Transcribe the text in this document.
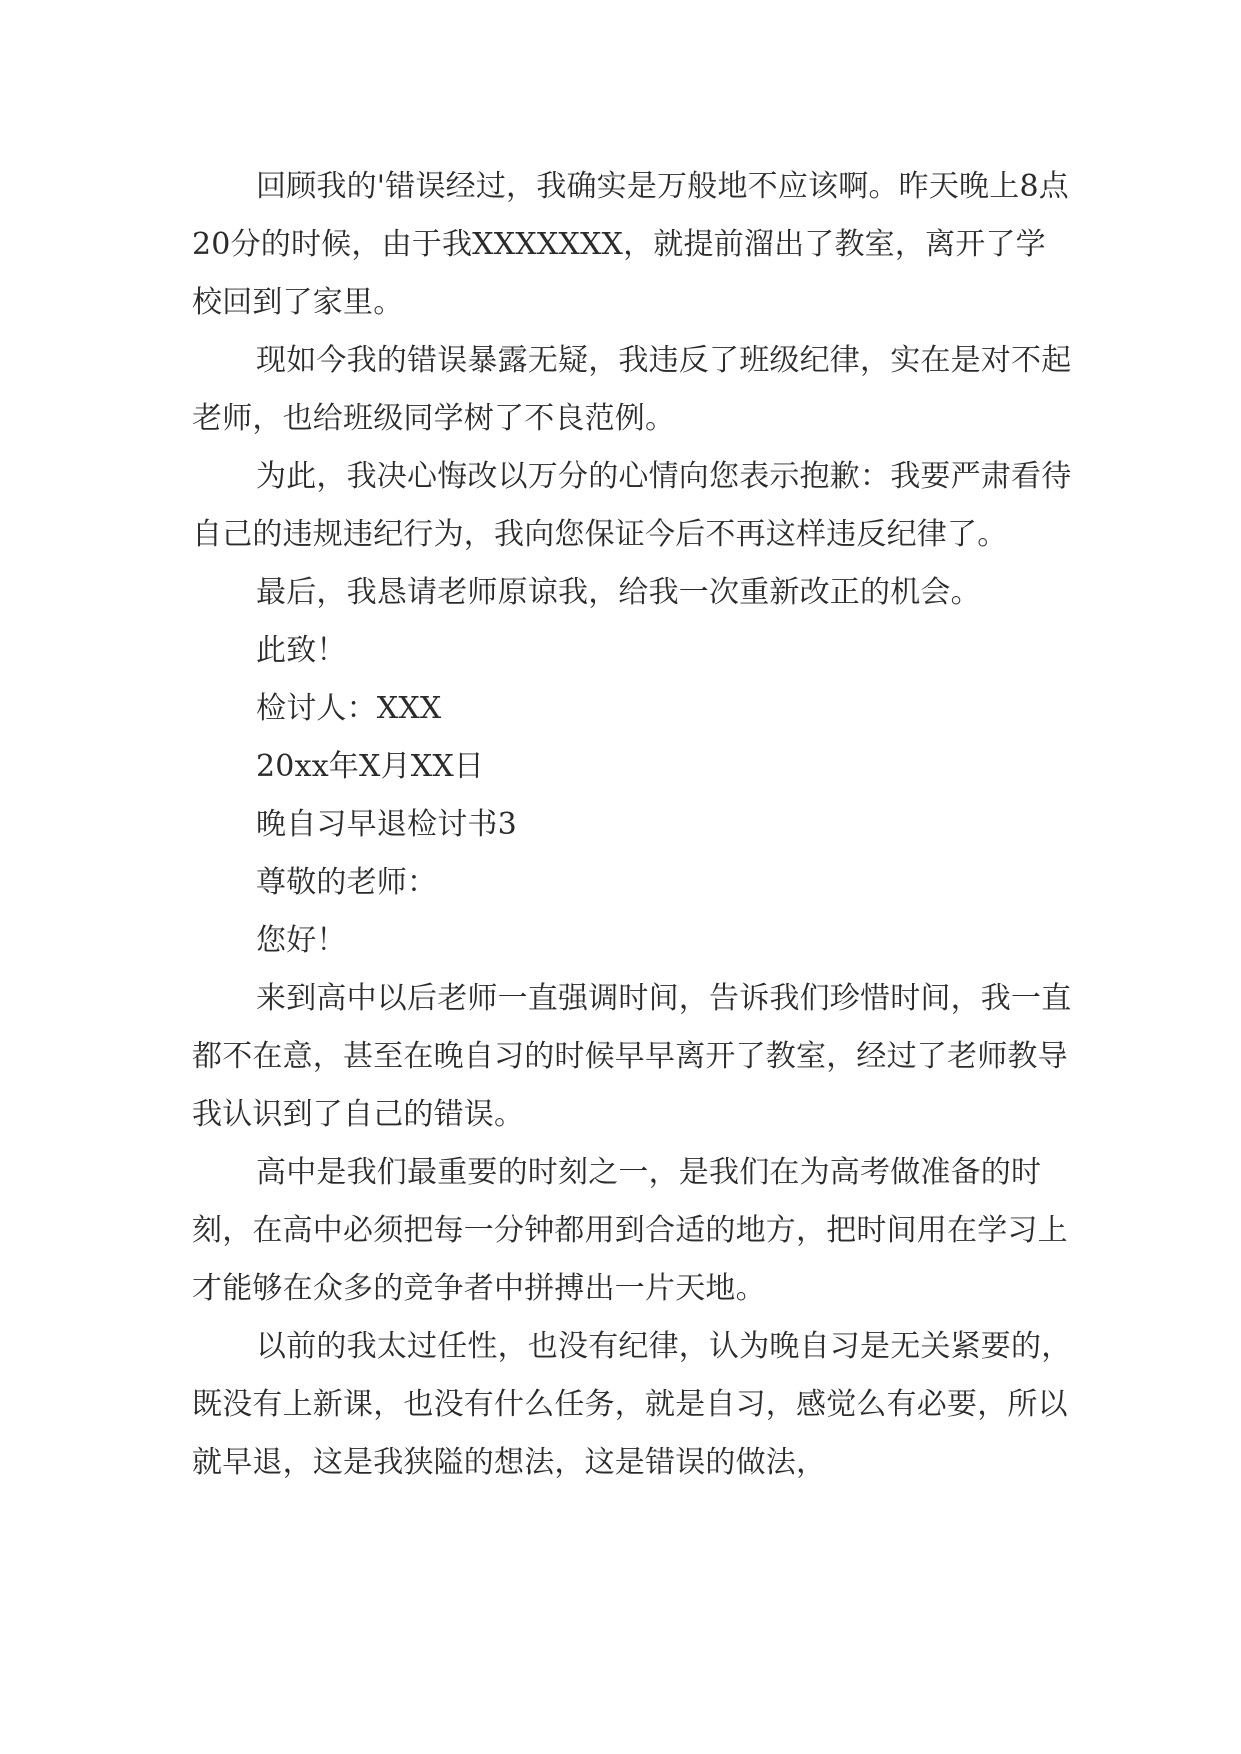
回顾我的'错误经过，我确实是万般地不应该啊。昨天晚上8点20分的时候，由于我XXXXXXX，就提前溜出了教室，离开了学校回到了家里。

现如今我的错误暴露无疑，我违反了班级纪律，实在是对不起老师，也给班级同学树了不良范例。

为此，我决心悔改以万分的心情向您表示抱歉：我要严肃看待自己的违规违纪行为，我向您保证今后不再这样违反纪律了。

最后，我恳请老师原谅我，给我一次重新改正的机会。

此致！
检讨人：XXX
20xx年X月XX日
晚自习早退检讨书3
尊敬的老师：
您好！

来到高中以后老师一直强调时间，告诉我们珍惜时间，我一直都不在意，甚至在晚自习的时候早早离开了教室，经过了老师教导我认识到了自己的错误。

高中是我们最重要的时刻之一，是我们在为高考做准备的时刻，在高中必须把每一分钟都用到合适的地方，把时间用在学习上才能够在众多的竞争者中拼搏出一片天地。

以前的我太过任性，也没有纪律，认为晚自习是无关紧要的，既没有上新课，也没有什么任务，就是自习，感觉么有必要，所以就早退，这是我狭隘的想法，这是错误的做法，
